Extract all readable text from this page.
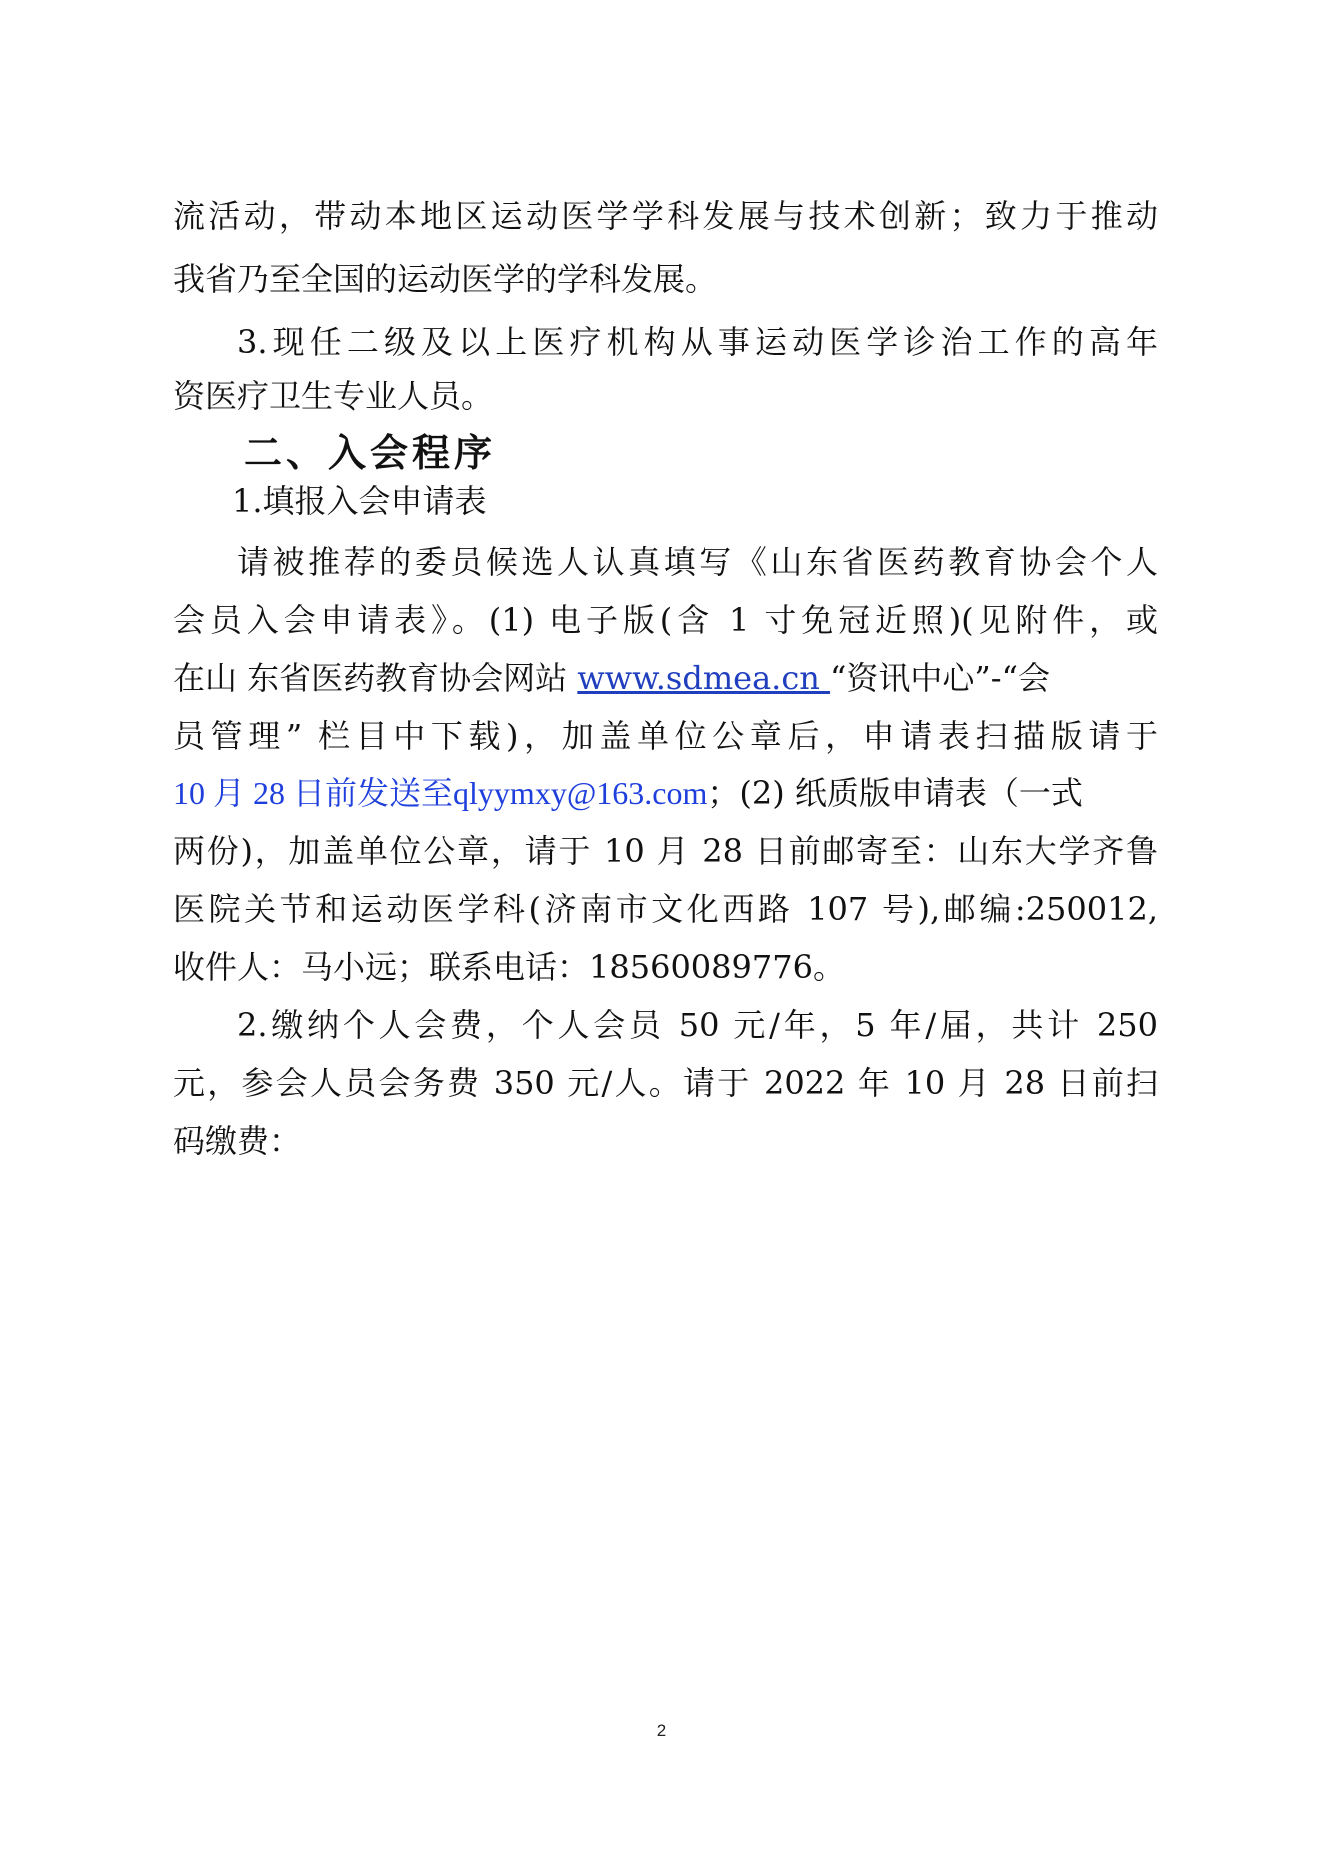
流活动，带动本地区运动医学学科发展与技术创新；致力于推动
我省乃至全国的运动医学的学科发展。
3.现任二级及以上医疗机构从事运动医学诊治工作的高年
资医疗卫生专业人员。
二、入会程序
1.填报入会申请表
请被推荐的委员候选人认真填写《山东省医药教育协会个人
会员入会申请表》。(1) 电子版(含 1 寸免冠近照)(见附件，或
在山 东省医药教育协会网站 www.sdmea.cn “资讯中心”-“会
员管理” 栏目中下载)，加盖单位公章后，申请表扫描版请于
10 月 28 日前发送至qlyymxy@163.com；(2) 纸质版申请表（一式
两份)，加盖单位公章，请于 10 月 28 日前邮寄至：山东大学齐鲁
医院关节和运动医学科(济南市文化西路 107 号),邮编:250012,
收件人：马小远；联系电话：18560089776。
2.缴纳个人会费，个人会员 50 元/年，5 年/届，共计 250
元，参会人员会务费 350 元/人。请于 2022 年 10 月 28 日前扫
码缴费：
2
